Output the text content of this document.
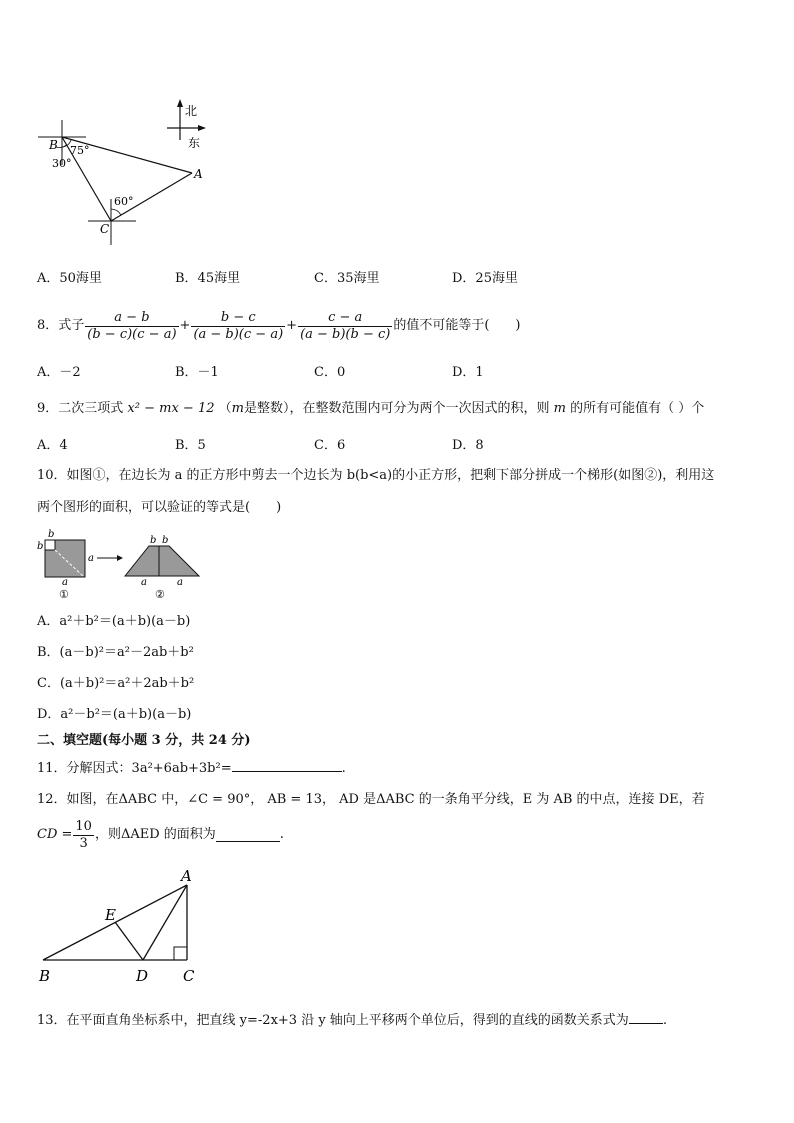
北
东
B 75°
30°
A
60°
C
A．50海里	B．45海里	C．35海里	D．25海里
8．式子 $\frac{a - b}{(b - c)(c - a)} + \frac{b - c}{(a - b)(c - a)} + \frac{c - a}{(a - b)(b - c)}$ 的值不可能等于(　　)
A．－2	B．－1	C．0	D．1
9．二次三项式 x² − mx − 12 （m是整数），在整数范围内可分为两个一次因式的积，则 m 的所有可能值有（ ）个
A．4	B．5	C．6	D．8
10．如图①，在边长为 a 的正方形中剪去一个边长为 b(b<a)的小正方形，把剩下部分拼成一个梯形(如图②)，利用这
两个图形的面积，可以验证的等式是(　　)
b
b
a
a
①
b b
a	a
②
A．a²＋b²＝(a＋b)(a－b)
B．(a－b)²＝a²－2ab＋b²
C．(a＋b)²＝a²＋2ab＋b²
D．a²－b²＝(a＋b)(a－b)
二、填空题(每小题 3 分，共 24 分)
11．分解因式：3a²+6ab+3b²=	.
12．如图，在ΔABC 中，∠C = 90°， AB = 13， AD 是ΔABC 的一条角平分线，E 为 AB 的中点，连接 DE，若
CD = $\frac{10}{3}$ ，则ΔAED 的面积为	.
A
B	C
D
E
13．在平面直角坐标系中，把直线 y=-2x+3 沿 y 轴向上平移两个单位后，得到的直线的函数关系式为	.
